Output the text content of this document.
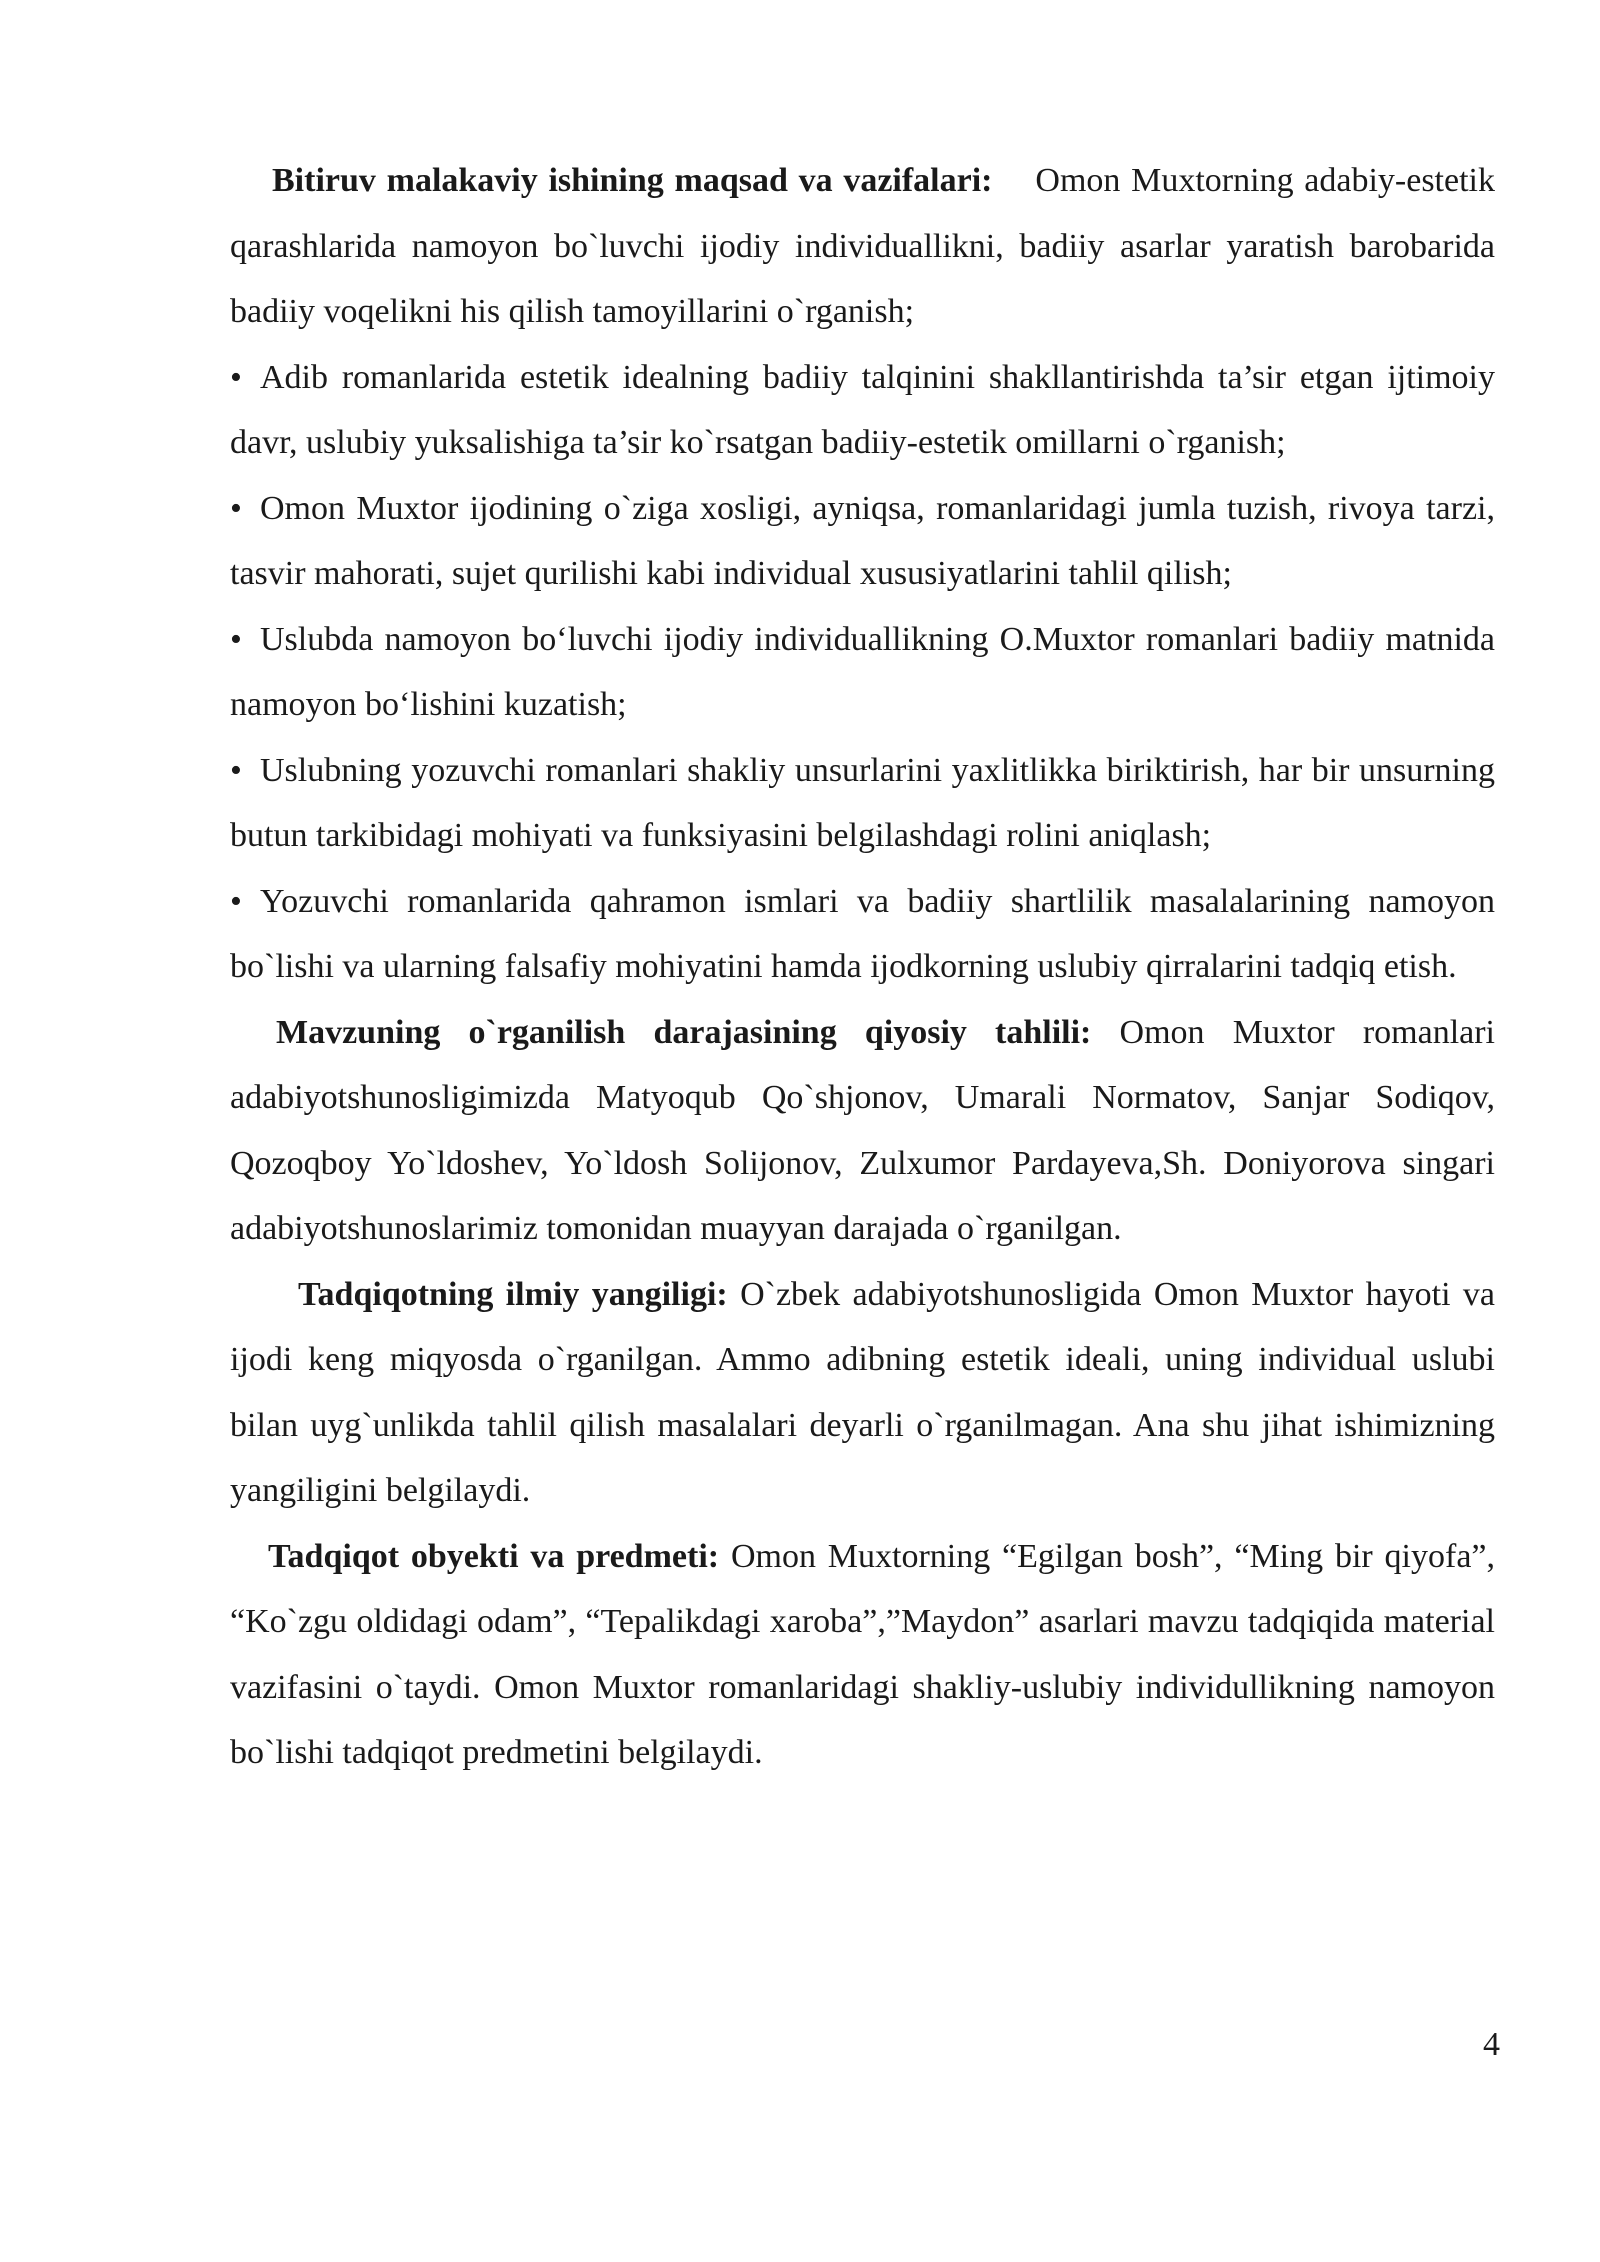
Bitiruv malakaviy ishining maqsad va vazifalari: Omon Muxtorning adabiy-estetik qarashlarida namoyon bo`luvchi ijodiy individuallikni, badiiy asarlar yaratish barobarida badiiy voqelikni his qilish tamoyillarini o`rganish;

• Adib romanlarida estetik idealning badiiy talqinini shakllantirishda ta’sir etgan ijtimoiy davr, uslubiy yuksalishiga ta’sir ko`rsatgan badiiy-estetik omillarni o`rganish;

• Omon Muxtor ijodining o`ziga xosligi, ayniqsa, romanlaridagi jumla tuzish, rivoya tarzi, tasvir mahorati, sujet qurilishi kabi individual xususiyatlarini tahlil qilish;

• Uslubda namoyon bo‘luvchi ijodiy individuallikning O.Muxtor romanlari badiiy matnida namoyon bo‘lishini kuzatish;

• Uslubning yozuvchi romanlari shakliy unsurlarini yaxlitlikka biriktirish, har bir unsurning butun tarkibidagi mohiyati va funksiyasini belgilashdagi rolini aniqlash;

• Yozuvchi romanlarida qahramon ismlari va badiiy shartlilik masalalarining namoyon bo`lishi va ularning falsafiy mohiyatini hamda ijodkorning uslubiy qirralarini tadqiq etish.

Mavzuning o`rganilish darajasining qiyosiy tahlili: Omon Muxtor romanlari adabiyotshunosligimizda Matyoqub Qo`shjonov, Umarali Normatov, Sanjar Sodiqov, Qozoqboy Yo`ldoshev, Yo`ldosh Solijonov, Zulxumor Pardayeva,Sh. Doniyorova singari adabiyotshunoslarimiz tomonidan muayyan darajada o`rganilgan.

Tadqiqotning ilmiy yangiligi: O`zbek adabiyotshunosligida Omon Muxtor hayoti va ijodi keng miqyosda o`rganilgan. Ammo adibning estetik ideali, uning individual uslubi bilan uyg`unlikda tahlil qilish masalalari deyarli o`rganilmagan. Ana shu jihat ishimizning yangiligini belgilaydi.

Tadqiqot obyekti va predmeti: Omon Muxtorning “Egilgan bosh”, “Ming bir qiyofa”, “Ko`zgu oldidagi odam”, “Tepalikdagi xaroba”,”Maydon” asarlari mavzu tadqiqida material vazifasini o`taydi. Omon Muxtor romanlaridagi shakliy-uslubiy individullikning namoyon bo`lishi tadqiqot predmetini belgilaydi.

4
